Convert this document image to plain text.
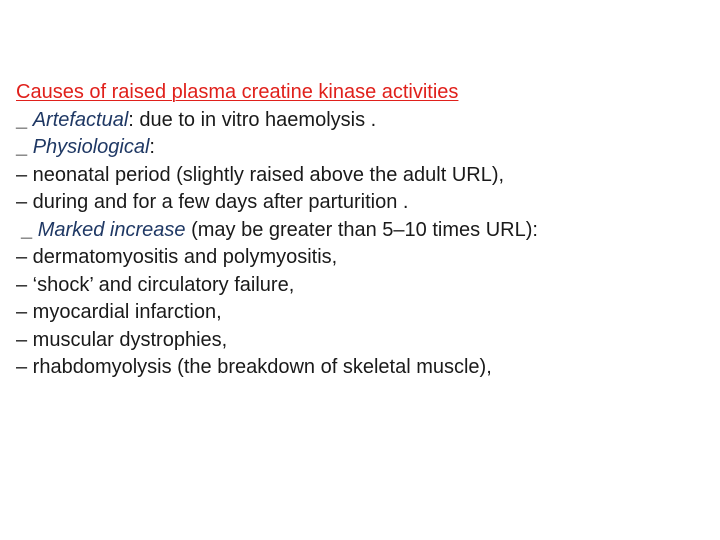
Causes of raised plasma creatine kinase activities
_ Artefactual: due to in vitro haemolysis .
_ Physiological:
– neonatal period (slightly raised above the adult URL),
– during and for a few days after parturition .
_ Marked increase (may be greater than 5–10 times URL):
– dermatomyositis and polymyositis,
– ‘shock’ and circulatory failure,
– myocardial infarction,
– muscular dystrophies,
– rhabdomyolysis (the breakdown of skeletal muscle),
